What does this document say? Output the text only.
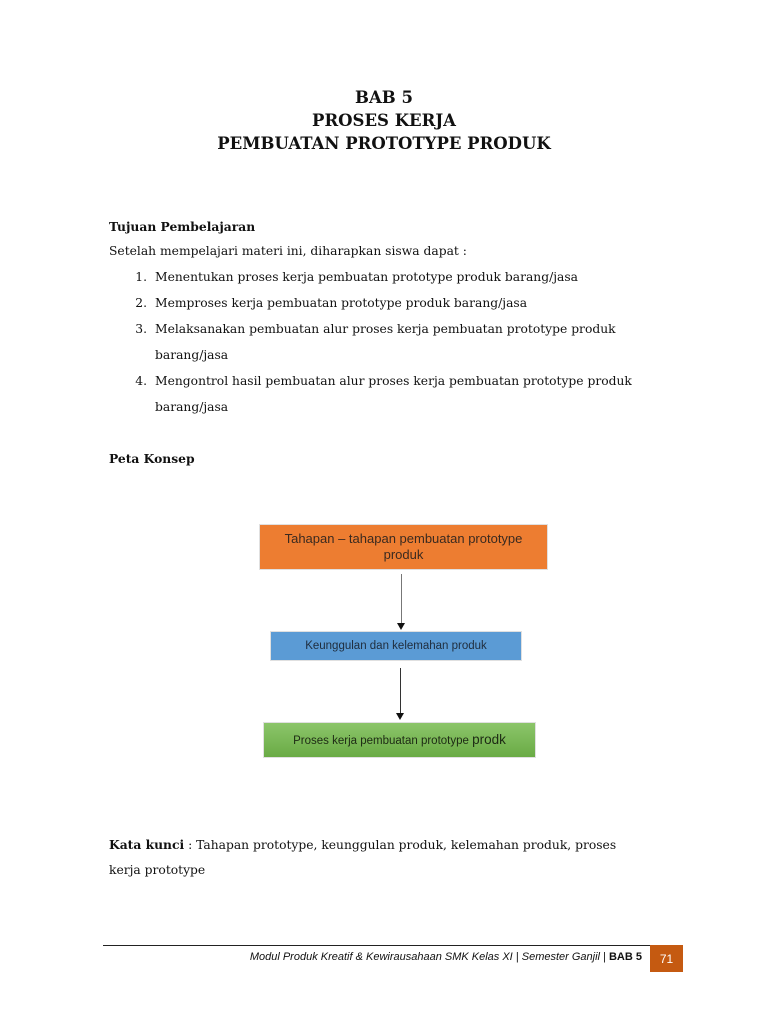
BAB 5
PROSES KERJA
PEMBUATAN PROTOTYPE PRODUK
Tujuan Pembelajaran
Setelah mempelajari materi ini, diharapkan siswa dapat :
1. Menentukan proses kerja pembuatan prototype produk barang/jasa
2. Memproses kerja pembuatan prototype produk barang/jasa
3. Melaksanakan pembuatan alur proses kerja pembuatan prototype produk
barang/jasa
4. Mengontrol hasil pembuatan alur proses kerja pembuatan prototype produk
barang/jasa
Peta Konsep
Tahapan – tahapan pembuatan prototype
produk
Keunggulan dan kelemahan produk
Proses kerja pembuatan prototype prodk
Kata kunci : Tahapan prototype, keunggulan produk, kelemahan produk, proses
kerja prototype
Modul Produk Kreatif & Kewirausahaan SMK Kelas XI | Semester Ganjil | BAB 5	71
